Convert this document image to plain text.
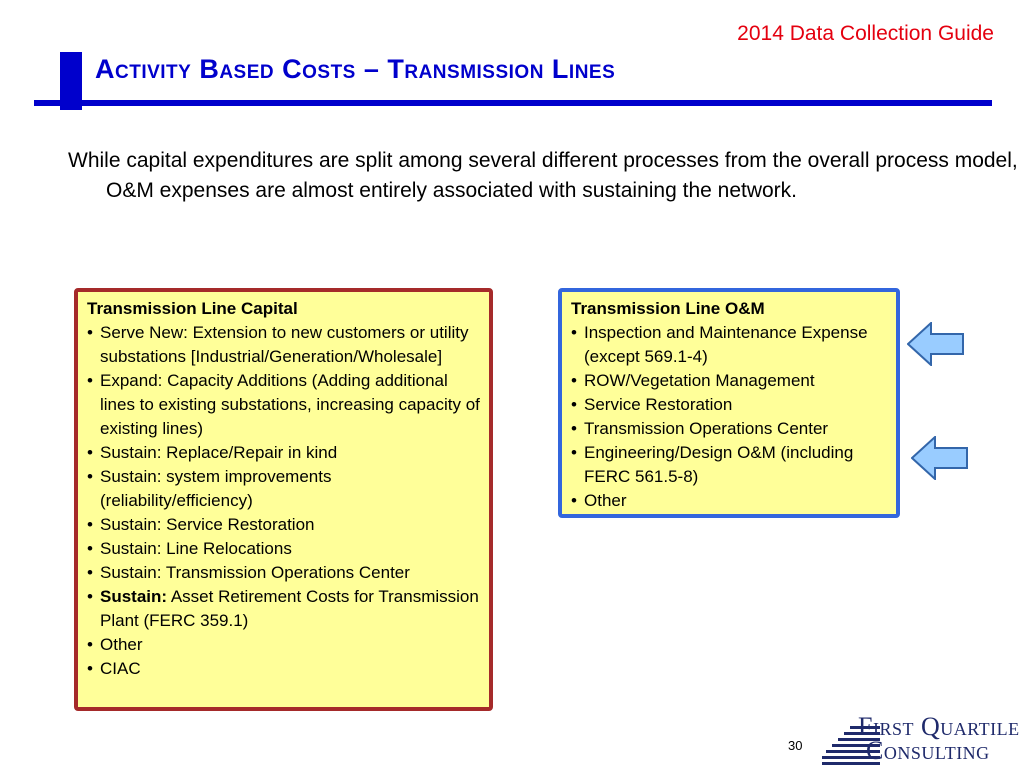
2014 Data Collection Guide
Activity Based Costs – Transmission Lines
While capital expenditures are split among several different processes from the overall process model, O&M expenses are almost entirely associated with sustaining the network.
Transmission Line Capital
• Serve New: Extension to new customers or utility substations [Industrial/Generation/Wholesale]
• Expand: Capacity Additions (Adding additional lines to existing substations, increasing capacity of existing lines)
• Sustain: Replace/Repair in kind
• Sustain: system improvements (reliability/efficiency)
• Sustain: Service Restoration
• Sustain: Line Relocations
• Sustain: Transmission Operations Center
• Sustain: Asset Retirement Costs for Transmission Plant (FERC 359.1)
• Other
• CIAC
Transmission Line O&M
• Inspection and Maintenance Expense (except 569.1-4)
• ROW/Vegetation Management
• Service Restoration
• Transmission Operations Center
• Engineering/Design O&M (including FERC 561.5-8)
• Other
30
First Quartile
Consulting
